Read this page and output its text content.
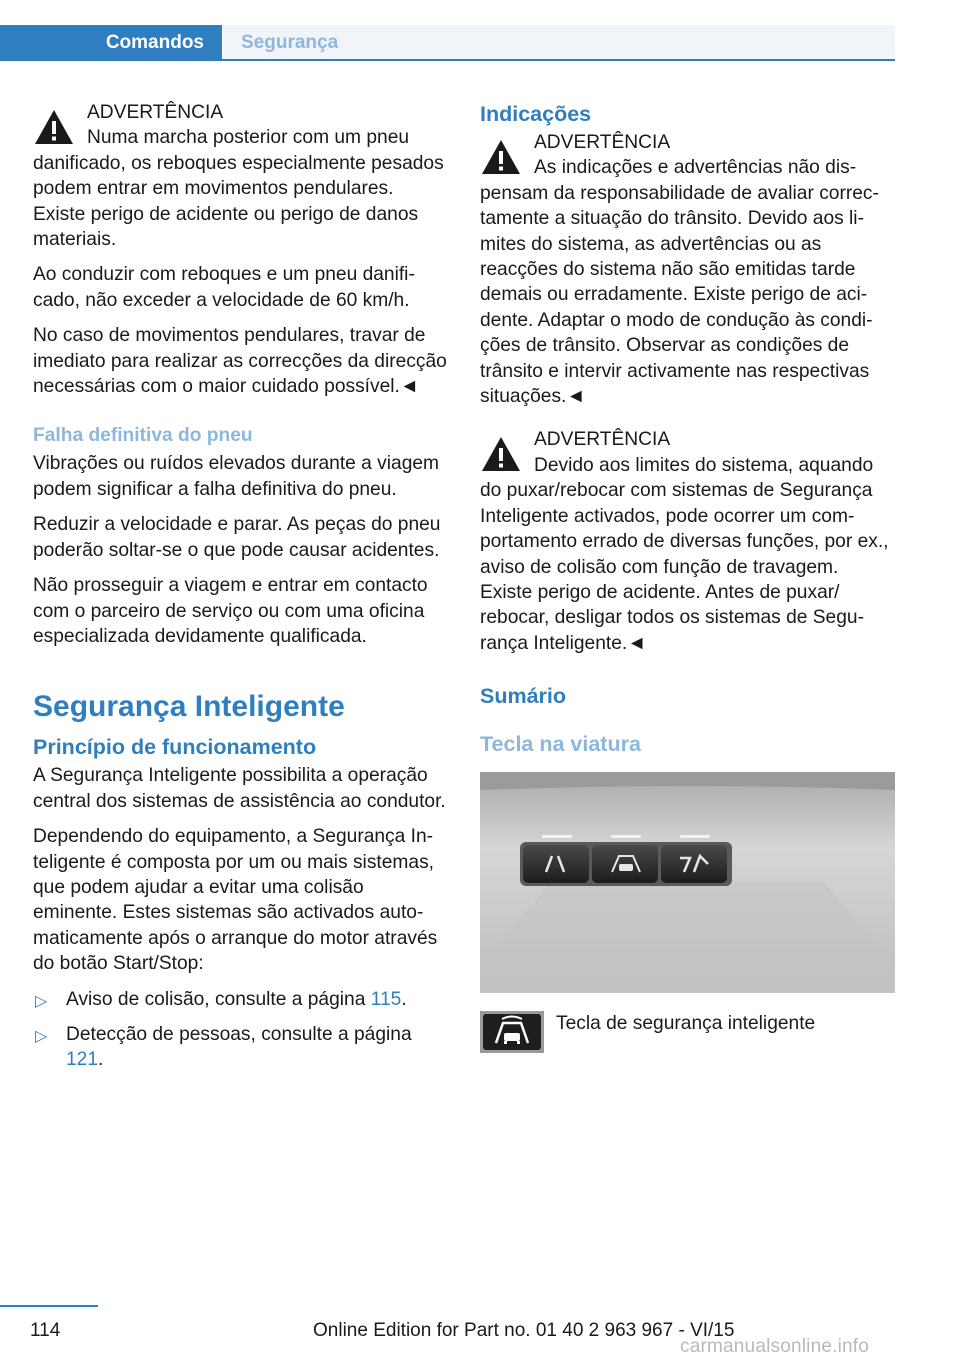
Comandos	Segurança
ADVERTÊNCIA

Numa marcha posterior com um pneu danificado, os reboques especialmente pesados podem entrar em movimentos pendulares. Existe perigo de acidente ou perigo de danos materiais.

Ao conduzir com reboques e um pneu danificado, não exceder a velocidade de 60 km/h.

No caso de movimentos pendulares, travar de imediato para realizar as correcções da direcção necessárias com o maior cuidado possível.◄

Falha definitiva do pneu

Vibrações ou ruídos elevados durante a viagem podem significar a falha definitiva do pneu.

Reduzir a velocidade e parar. As peças do pneu poderão soltar-se o que pode causar acidentes.

Não prosseguir a viagem e entrar em contacto com o parceiro de serviço ou com uma oficina especializada devidamente qualificada.

Segurança Inteligente
Princípio de funcionamento

A Segurança Inteligente possibilita a operação central dos sistemas de assistência ao condutor.

Dependendo do equipamento, a Segurança Inteligente é composta por um ou mais sistemas, que podem ajudar a evitar uma colisão eminente. Estes sistemas são activados automaticamente após o arranque do motor através do botão Start/Stop:

▷ Aviso de colisão, consulte a página 115.
▷ Detecção de pessoas, consulte a página 121.
Indicações
ADVERTÊNCIA

As indicações e advertências não dispensam da responsabilidade de avaliar correctamente a situação do trânsito. Devido aos limites do sistema, as advertências ou as reacções do sistema não são emitidas tarde demais ou erradamente. Existe perigo de acidente. Adaptar o modo de condução às condições de trânsito. Observar as condições de trânsito e intervir activamente nas respectivas situações.◄

ADVERTÊNCIA

Devido aos limites do sistema, aquando do puxar/rebocar com sistemas de Segurança Inteligente activados, pode ocorrer um comportamento errado de diversas funções, por ex., aviso de colisão com função de travagem. Existe perigo de acidente. Antes de puxar/ rebocar, desligar todos os sistemas de Segurança Inteligente.◄

Sumário
Tecla na viatura
Tecla de segurança inteligente
114	Online Edition for Part no. 01 40 2 963 967 - VI/15
carmanualsonline.info
